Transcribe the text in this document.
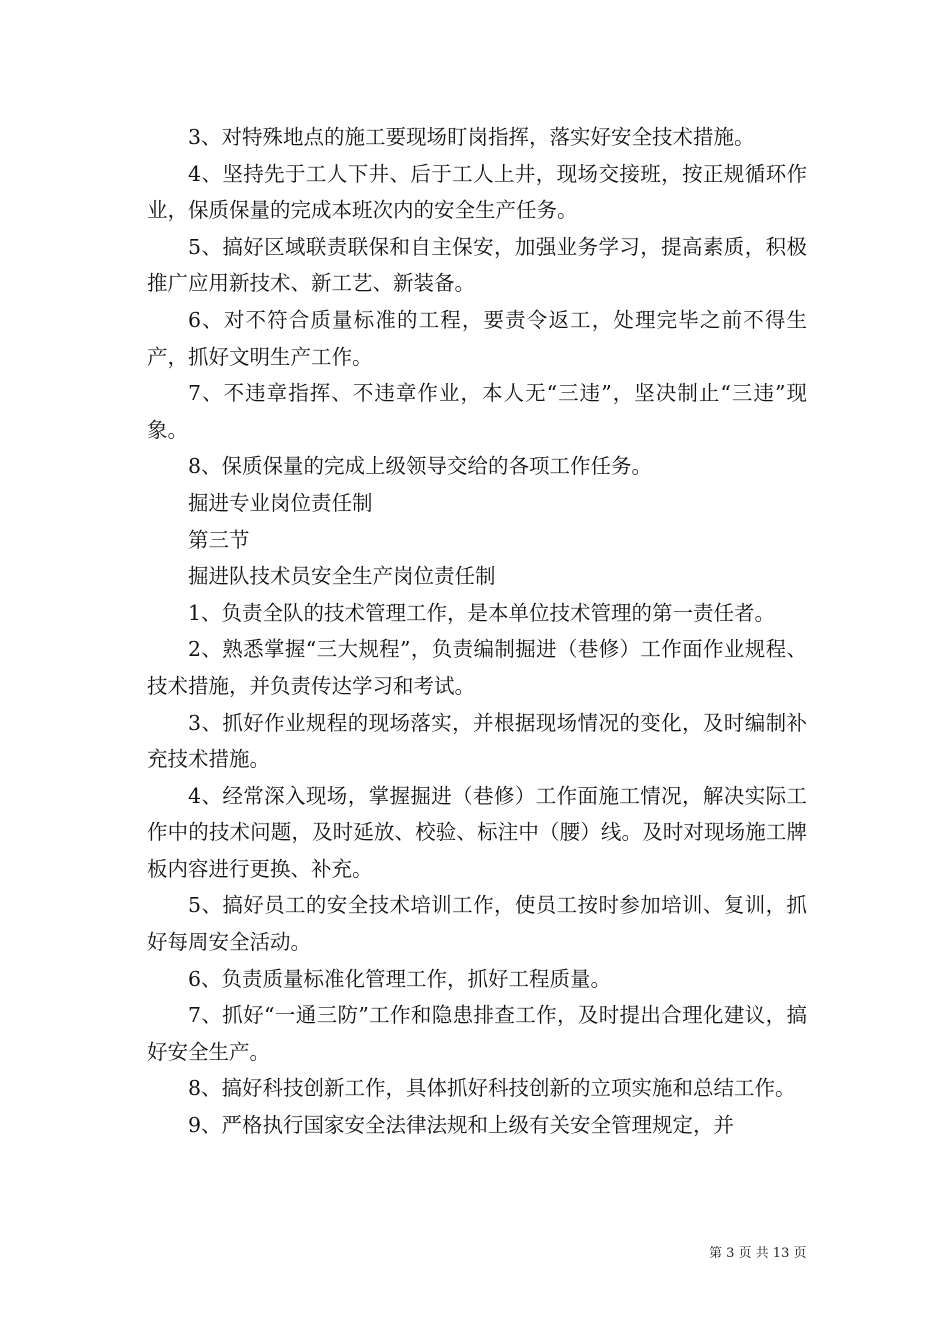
3、对特殊地点的施工要现场盯岗指挥，落实好安全技术措施。

4、坚持先于工人下井、后于工人上井，现场交接班，按正规循环作业，保质保量的完成本班次内的安全生产任务。

5、搞好区域联责联保和自主保安，加强业务学习，提高素质，积极推广应用新技术、新工艺、新装备。

6、对不符合质量标准的工程，要责令返工，处理完毕之前不得生产，抓好文明生产工作。

7、不违章指挥、不违章作业，本人无“三违”，坚决制止“三违”现象。

8、保质保量的完成上级领导交给的各项工作任务。

掘进专业岗位责任制

第三节

掘进队技术员安全生产岗位责任制

1、负责全队的技术管理工作，是本单位技术管理的第一责任者。

2、熟悉掌握“三大规程”，负责编制掘进（巷修）工作面作业规程、技术措施，并负责传达学习和考试。

3、抓好作业规程的现场落实，并根据现场情况的变化，及时编制补充技术措施。

4、经常深入现场，掌握掘进（巷修）工作面施工情况，解决实际工作中的技术问题，及时延放、校验、标注中（腰）线。及时对现场施工牌板内容进行更换、补充。

5、搞好员工的安全技术培训工作，使员工按时参加培训、复训，抓好每周安全活动。

6、负责质量标准化管理工作，抓好工程质量。

7、抓好“一通三防”工作和隐患排查工作，及时提出合理化建议，搞好安全生产。

8、搞好科技创新工作，具体抓好科技创新的立项实施和总结工作。

9、严格执行国家安全法律法规和上级有关安全管理规定，并

第 3 页 共 13 页
